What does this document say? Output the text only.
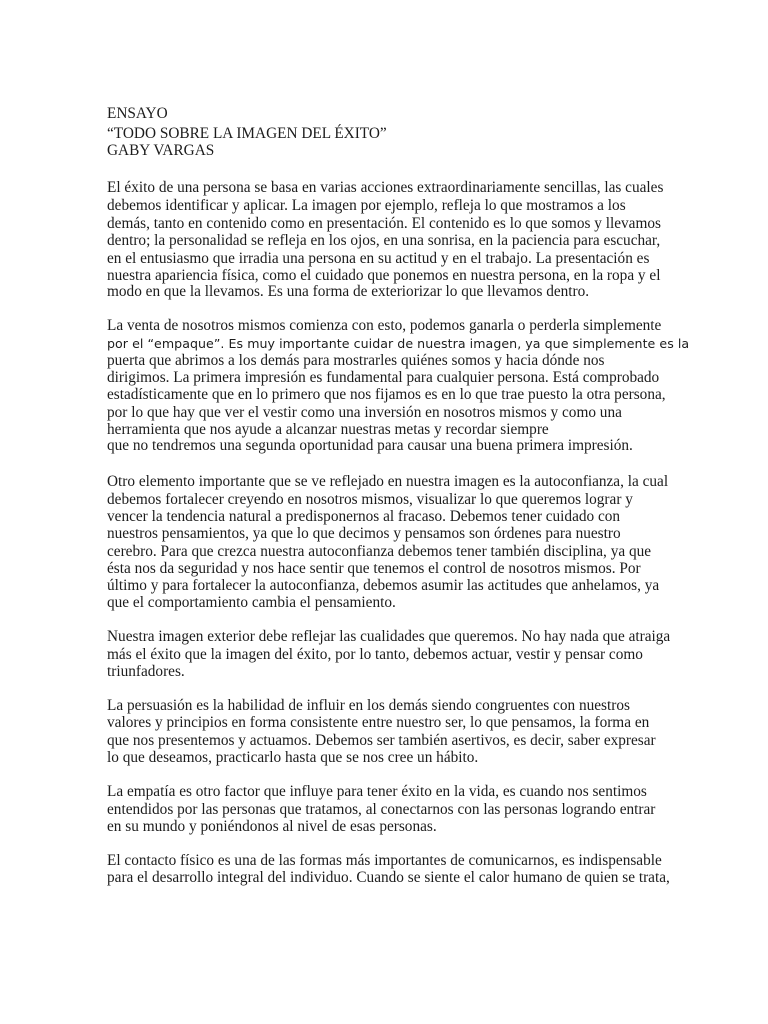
ENSAYO

“TODO SOBRE LA IMAGEN DEL ÉXITO”

GABY VARGAS

El éxito de una persona se basa en varias acciones extraordinariamente sencillas, las cuales

debemos identificar y aplicar. La imagen por ejemplo, refleja lo que mostramos a los

demás, tanto en contenido como en presentación. El contenido es lo que somos y llevamos

dentro; la personalidad se refleja en los ojos, en una sonrisa, en la paciencia para escuchar,

en el entusiasmo que irradia una persona en su actitud y en el trabajo. La presentación es

nuestra apariencia física, como el cuidado que ponemos en nuestra persona, en la ropa y el

modo en que la llevamos. Es una forma de exteriorizar lo que llevamos dentro.

La venta de nosotros mismos comienza con esto, podemos ganarla o perderla simplemente

por el “empaque”. Es muy importante cuidar de nuestra imagen, ya que simplemente es la

puerta que abrimos a los demás para mostrarles quiénes somos y hacia dónde nos

dirigimos. La primera impresión es fundamental para cualquier persona. Está comprobado

estadísticamente que en lo primero que nos fijamos es en lo que trae puesto la otra persona,

por lo que hay que ver el vestir como una inversión en nosotros mismos y como una

herramienta que nos ayude a alcanzar nuestras metas y recordar siempre

que no tendremos una segunda oportunidad para causar una buena primera impresión.

Otro elemento importante que se ve reflejado en nuestra imagen es la autoconfianza, la cual

debemos fortalecer creyendo en nosotros mismos, visualizar lo que queremos lograr y

vencer la tendencia natural a predisponernos al fracaso. Debemos tener cuidado con

nuestros pensamientos, ya que lo que decimos y pensamos son órdenes para nuestro

cerebro. Para que crezca nuestra autoconfianza debemos tener también disciplina, ya que

ésta nos da seguridad y nos hace sentir que tenemos el control de nosotros mismos. Por

último y para fortalecer la autoconfianza, debemos asumir las actitudes que anhelamos, ya

que el comportamiento cambia el pensamiento.

Nuestra imagen exterior debe reflejar las cualidades que queremos. No hay nada que atraiga

más el éxito que la imagen del éxito, por lo tanto, debemos actuar, vestir y pensar como

triunfadores.

La persuasión es la habilidad de influir en los demás siendo congruentes con nuestros

valores y principios en forma consistente entre nuestro ser, lo que pensamos, la forma en

que nos presentemos y actuamos. Debemos ser también asertivos, es decir, saber expresar

lo que deseamos, practicarlo hasta que se nos cree un hábito.

La empatía es otro factor que influye para tener éxito en la vida, es cuando nos sentimos

entendidos por las personas que tratamos, al conectarnos con las personas logrando entrar

en su mundo y poniéndonos al nivel de esas personas.

El contacto físico es una de las formas más importantes de comunicarnos, es indispensable

para el desarrollo integral del individuo. Cuando se siente el calor humano de quien se trata,
